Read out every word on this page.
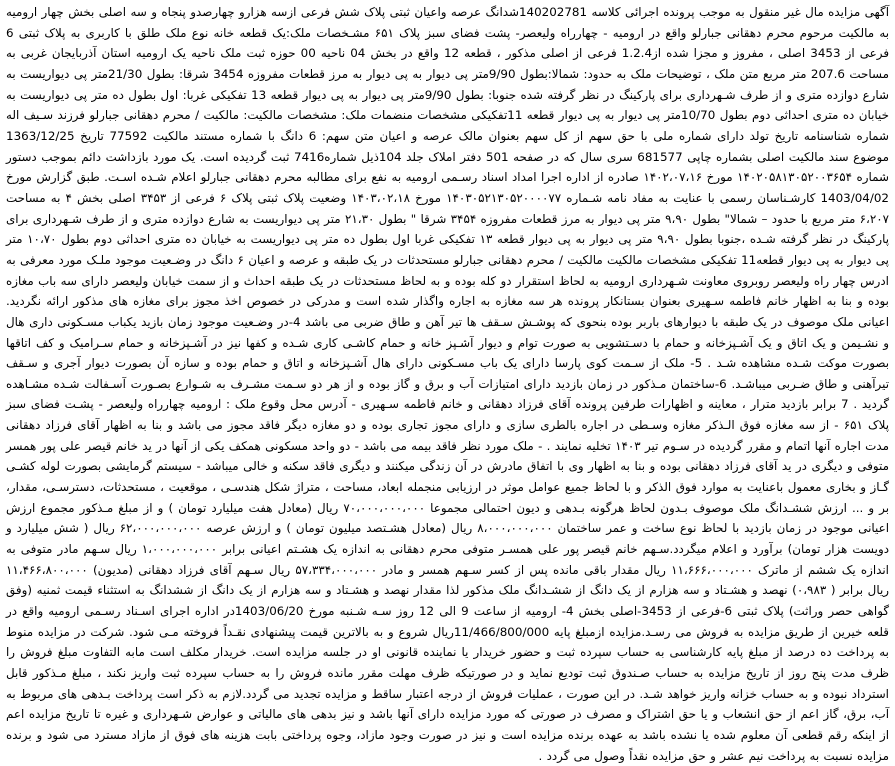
آگهی مزایده مال غیر منقول به موجب پرونده اجرائی کلاسه 140202781شدانگ عرصه واعیان ثبتی پلاک شش فرعی ازسه هزارو چهارصدو پنجاه و سه اصلی بخش چهار ارومیه به مالکیت مرحوم محرم دهقانی جبارلو واقع در ارومیه - چهارراه ولیعصر- پشت فضای سبز پلاک ۶۵۱ مشـخصات ملک:یک قطعه خانه نوع ملک طلق با کاربری به پلاک ثبتی 6 فرعی از 3453 اصلی ، مفروز و مجزا شده از1.2.4 فرعی از اصلی مذکور ، قطعه 12 واقع در بخش 04 ناحیه 00 حوزه ثبت ملک ناحیه یک ارومیه استان آذربایجان غربی به مساحت 207.6 متر مربع متن ملک ، توضیحات ملک به حدود: شمالا:بطول 9/90متر پی دیوار به پی دیوار به مرز قطعات مفروزه 3454 شرقا: بطول 21/30متر پی دیواریست به شارع دوازده متری و از طرف شـهرداری برای پارکینگ در نظر گرفته شده جنوبا: بطول 9/90متر پی دیوار به پی دیوار قطعه 13 تفکیکی غربا: اول بطول ده متر پی دیواریست به خیابان ده متری احداثی دوم بطول 10/70متر پی دیوار به پی دیوار قطعه 11تفکیکی مشخصات منضمات ملک: مشخصات مالکیت: مالکیت / محرم دهقانی جبارلو فرزند سـیف اله شماره شناسنامه تاریخ تولد دارای شماره ملی با حق سهم از کل سهم بعنوان مالک عرصه و اعیان متن سهم: 6 دانگ با شماره مستند مالکیت 77592 تاریخ 1363/12/25 موضوع سند مالکیت اصلی بشماره چاپی 681577 سری سال که در صفحه 501 دفتر املاک جلد 104ذیل شماره7416 ثبت گردیده است. یک مورد بازداشت دائم بموجب دستور شماره ۱۴۰۲۰۵۸۱۳۰۵۲۰۰۳۶۵۴ مورخ ۱۴۰۲،۰۷،۱۶ صادره از اداره اجرا امداد اسناد رسـمی ارومیه به نفع برای مطالبه محرم دهقانی جبارلو اعلام شـده اسـت. طبق گزارش مورخ 1403/04/02 کارشـناسان رسمی با عنایت به مفاد نامه شـماره ۱۴۰۳۰۵۲۱۳۰۵۲۰۰۰۰۷۷ مورخ ۱۴۰۳،۰۲،۱۸ وضعیت پلاک ثبتی پلاک ۶ فرعی از ۳۴۵۳ اصلی بخش ۴ به مساحت ۶،۲۰۷ متر مربع با حدود – شمالا" بطول ۹،۹۰ متر پی دیوار به مرز قطعات مفروزه ۳۴۵۴ شرقا " بطول ۲۱،۳۰ متر پی دیواریست به شارع دوازده متری و از طرف شـهرداری برای پارکینگ در نظر گرفته شـده ،جنوبا بطول ۹،۹۰ متر پی دیوار به پی دیوار قطعه ۱۳ تفکیکی غربا اول بطول ده متر پی دیواریست به خیابان ده متری احداثی دوم بطول ۱۰،۷۰ متر پی دیوار به پی دیوار قطعه11 تفکیکی مشخصات مالکیت مالکیت / محرم دهقانی جبارلو مستحدثات در یک طبقه و عرصه و اعیان ۶ دانگ در وضـعیت موجود ملـک مورد معرفی به ادرس چهار راه ولیعصر روبروی معاونت شـهرداری ارومیه به لحاظ استقرار دو کله بوده و به لحاظ مستحدثات در یک طبقه احداث و از سمت خیابان ولیعصر دارای سه باب مغازه بوده و بنا به اظهار خانم فاطمه سـهیری بعنوان بستانکار پرونده هر سه مغازه به اجاره واگذار شده است و مدرکی در خصوص اخذ مجوز برای مغازه های مذکور ارائه نگردید. اعیانی ملک موصوف در یک طبقه با دیوارهای باربر بوده بنحوی که پوشـش سـقف ها تیر آهن و طاق ضربی می باشد 4-در وضـعیت موجود زمان بازید یکباب مسـکونی داری هال و نشـیمن و یک اتاق و یک آشـپزخانه و حمام با دسـتشویی به صورت توام و دیوار آشـپز خانه و حمام کاشـی کاری شـده و کفها نیز در آشـپزخانه و حمام سـرامیک و کف اتاقها بصورت موکت شـده مشاهده شـد . 5- ملک از سـمت کوی پارسا دارای یک باب مسـکونی دارای هال آشـپزخانه و اتاق و حمام بوده و سازه آن بصورت دیوار آجری و سـقف تیرآهنی و طاق ضـربی میباشـد. 6-ساختمان مـذکور در زمان بازدید دارای امتیازات آب و برق و گاز بوده و از هر دو سـمت مشـرف به شـوارع بصـورت آسـفالت شـده مشـاهده گردید . 7 برابر بازدید مترار ، معاینه و اظهارات طرفین پرونده آقای فرزاد دهقانی و خانم فاطمه سـهیری - آدرس محل وقوع ملک : ارومیه چهارراه ولیعصر - پشـت فضای سبز پلاک ۶۵۱ - از سه مغازه فوق الـذکر مغازه وسـطی در اجاره بالطری سازی و دارای مجوز تجاری بوده و دو مغازه دیگر فاقد مجوز می باشد و بنا به اظهار آقای فرزاد دهقانی مدت اجاره آنها اتمام و مقرر گردیده در سـوم تیر ۱۴۰۳ تخلیه نمایند . - ملک مورد نظر فاقد بیمه می باشد - دو واحد مسکونی همکف یکی از آنها در ید خانم قیصر علی پور همسر متوفی و دیگری در ید آقای فرزاد دهقانی بوده و بنا به اظهار وی با اتفاق مادرش در آن زندگی میکنند و دیگری فاقد سکنه و خالی میباشد - سیستم گرمایشی بصورت لوله کشـی گـاز و بخاری معمول باعنایت به موارد فوق الذکر و با لحاظ جمیع عوامل موثر در ارزیابی منجمله ابعاد، مساحت ، متراژ شکل هندسـی ، موقعیت ، مستحدثات، دسترسـی، مقدار، بر و ... ارزش ششـدانگ ملک موصوف بـدون لحاظ هرگونه بـدهی و دیون احتمالی مجموعا ۷۰،۰۰۰،۰۰۰،۰۰۰ ریال (معادل هفت میلیارد تومان ) و از مبلغ مـذکور مجموع ارزش اعیانی موجود در زمان بازدید با لحاظ نوع ساخت و عمر ساختمان ۸،۰۰۰،۰۰۰،۰۰۰ ریال (معادل هشـتصد میلیون تومان ) و ارزش عرصه ۶۲،۰۰۰،۰۰۰،۰۰۰ ریال ( شش میلیارد و دویست هزار تومان) برآورد و اعلام میگردد.سـهم خانم قیصر پور علی همسـر متوفی محرم دهقانی به اندازه یک هشـتم اعیانی برابر ۱،۰۰۰،۰۰۰،۰۰۰ ریال سـهم مادر متوفی به اندازه یک ششم از ماترک ۱۱،۶۶۶،۰۰۰،۰۰۰ ریال مقدار باقی مانده پس از کسر سـهم همسر و مادر ۵۷،۳۳۴،۰۰۰،۰۰۰ ریال سـهم آقای فرزاد دهقانی (مدیون) ۱۱،۴۶۶،۸۰۰،۰۰۰ ریال برابر ( ۰،۹۸۳) نهصد و هشـتاد و سه هزارم از یک دانگ از ششـدانگ ملک مذکور لذا مقدار نهصد و هشـتاد و سه هزارم از یک دانگ از ششدانگ به استثناء قیمت ثمنیه (وفق گواهی حصر وراثت) پلاک ثبتی 6-فرعی از 3453-اصلی بخش 4- ارومیه از ساعت 9 الی 12 روز سـه شـنبه مورخ 1403/06/20در اداره اجرای اسـناد رسـمی ارومیه واقع در قلعه خیرین از طریق مزایده به فروش می رسـد.مزایده ازمبلغ پایه 11/466/800/000ریال شروع و به بالاترین قیمت پیشنهادی نقـداً فروخته مـی شود. شرکت در مزایده منوط به پرداخت ده درصد از مبلغ پایه کارشناسی به حساب سپرده ثبت و حضور خریدار یا نماینده قانونی او در جلسه مزایده است. خریدار مکلف است مابه التفاوت مبلغ فروش را ظرف مدت پنج روز از تاریخ مزایده به حساب صـندوق ثبت تودیع نماید و در صورتیکه ظرف مهلت مقرر مانده فروش را به حساب سپرده ثبت واریز نکند ، مبلغ مـذکور قابل استرداد نبوده و به حساب خزانه واریز خواهد شـد. در این صورت ، عملیات فروش از درجه اعتبار ساقط و مزایده تجدید می گردد.لازم به ذکر است پرداخت بـدهی های مربوط به آب، برق، گاز اعم از حق انشعاب و یا حق اشتراک و مصرف در صورتی که مورد مزایده دارای آنها باشد و نیز بدهی های مالیاتی و عوارض شـهرداری و غیره تا تاریخ مزایده اعم از اینکه رقم قطعی آن معلوم شده یا نشده باشد به عهده برنده مزایده است و نیز در صورت وجود مازاد، وجوه پرداختی بابت هزینه های فوق از مازاد مسترد می شود و برنده مزایده نسبت به پرداخت نیم عشر و حق مزایده نقداً وصول می گردد .
